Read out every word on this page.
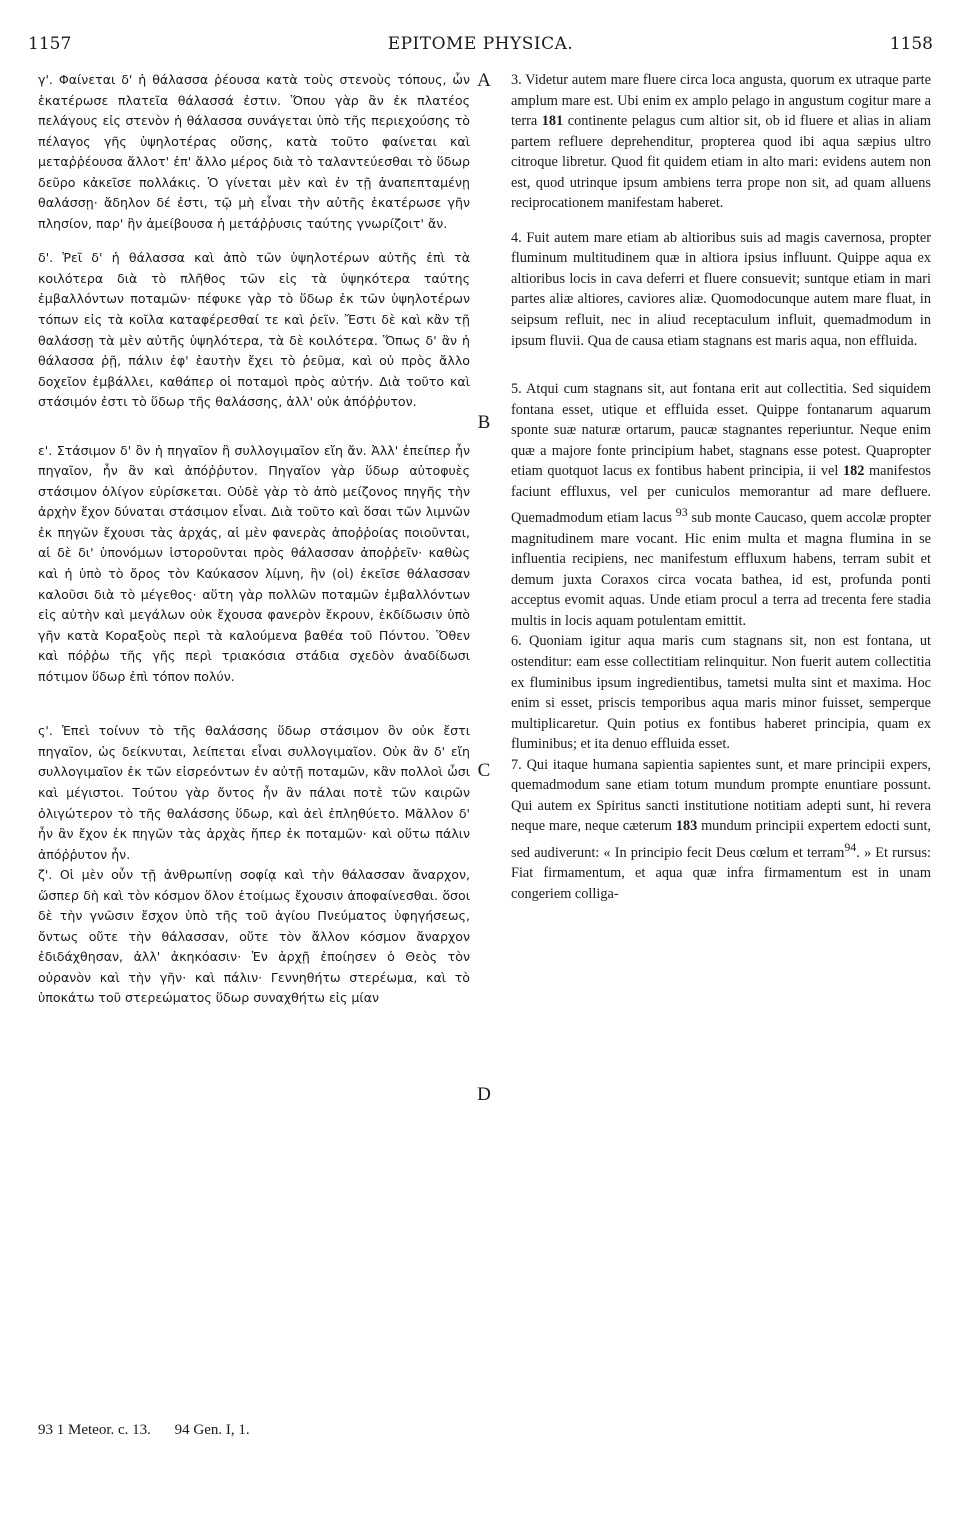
1157	EPITOME PHYSICA.	1158
A
B
C
D

γ'. Φαίνεται δ' ἡ θάλασσα ῥέουσα κατὰ τοὺς στενοὺς τόπους, ὧν ἑκατέρωσε πλατεῖα θάλασσά ἐστιν. Ὅπου γὰρ ἂν ἐκ πλατέος πελάγους εἰς στενὸν ἡ θάλασσα συνάγεται ὑπὸ τῆς περιεχούσης τὸ πέλαγος γῆς ὑψηλοτέρας οὔσης, κατὰ τοῦτο φαίνεται καὶ μεταῤῥέουσα ἄλλοτ' ἐπ' ἄλλο μέρος διὰ τὸ ταλαντεύεσθαι τὸ ὕδωρ δεῦρο κἀκεῖσε πολλάκις. Ὁ γίνεται μὲν καὶ ἐν τῇ ἀναπεπταμένῃ θαλάσσῃ· ἄδηλον δέ ἐστι, τῷ μὴ εἶναι τὴν αὐτῆς ἑκατέρωσε γῆν πλησίον, παρ' ἣν ἀμείβουσα ἡ μετάῤῥυσις ταύτης γνωρίζοιτ' ἄν.

δ'. Ῥεῖ δ' ἡ θάλασσα καὶ ἀπὸ τῶν ὑψηλοτέρων αὐτῆς ἐπὶ τὰ κοιλότερα διὰ τὸ πλῆθος τῶν εἰς τὰ ὑψηκότερα ταύτης ἐμβαλλόντων ποταμῶν· πέφυκε γὰρ τὸ ὕδωρ ἐκ τῶν ὑψηλοτέρων τόπων εἰς τὰ κοῖλα καταφέρεσθαί τε καὶ ῥεῖν. Ἔστι δὲ καὶ κἂν τῇ θαλάσσῃ τὰ μὲν αὐτῆς ὑψηλότερα, τὰ δὲ κοιλότερα. Ὅπως δ' ἂν ἡ θάλασσα ῥῇ, πάλιν ἐφ' ἑαυτὴν ἔχει τὸ ῥεῦμα, καὶ οὐ πρὸς ἄλλο δοχεῖον ἐμβάλλει, καθάπερ οἱ ποταμοὶ πρὸς αὐτήν. Διὰ τοῦτο καὶ στάσιμόν ἐστι τὸ ὕδωρ τῆς θαλάσσης, ἀλλ' οὐκ ἀπόῤῥυτον.

ε'. Στάσιμον δ' ὂν ἡ πηγαῖον ἢ συλλογιμαῖον εἴη ἄν. Ἀλλ' ἐπείπερ ἦν πηγαῖον, ἦν ἂν καὶ ἀπόῤῥυτον. Πηγαῖον γὰρ ὕδωρ αὐτοφυὲς στάσιμον ὀλίγον εὑρίσκεται. Οὐδὲ γὰρ τὸ ἀπὸ μείζονος πηγῆς τὴν ἀρχὴν ἔχον δύναται στάσιμον εἶναι. Διὰ τοῦτο καὶ ὅσαι τῶν λιμνῶν ἐκ πηγῶν ἔχουσι τὰς ἀρχάς, αἱ μὲν φανερὰς ἀποῤῥοίας ποιοῦνται, αἱ δὲ δι' ὑπονόμων ἱστοροῦνται πρὸς θάλασσαν ἀποῤῥεῖν· καθὼς καὶ ἡ ὑπὸ τὸ ὄρος τὸν Καύκασον λίμνη, ἣν (οἱ) ἐκεῖσε θάλασσαν καλοῦσι διὰ τὸ μέγεθος· αὕτη γὰρ πολλῶν ποταμῶν ἐμβαλλόντων εἰς αὐτὴν καὶ μεγάλων οὐκ ἔχουσα φανερὸν ἔκρουν, ἐκδίδωσιν ὑπὸ γῆν κατὰ Κοραξοὺς περὶ τὰ καλούμενα βαθέα τοῦ Πόντου. Ὅθεν καὶ πόῤῥω τῆς γῆς περὶ τριακόσια στάδια σχεδὸν ἀναδίδωσι πότιμον ὕδωρ ἐπὶ τόπον πολύν.

ς'. Ἐπεὶ τοίνυν τὸ τῆς θαλάσσης ὕδωρ στάσιμον ὂν οὐκ ἔστι πηγαῖον, ὡς δείκνυται, λείπεται εἶναι συλλογιμαῖον. Οὐκ ἂν δ' εἴη συλλογιμαῖον ἐκ τῶν εἰσρεόντων ἐν αὐτῇ ποταμῶν, κἂν πολλοὶ ὦσι καὶ μέγιστοι. Τούτου γὰρ ὄντος ἦν ἂν πάλαι ποτὲ τῶν καιρῶν ὀλιγώτερον τὸ τῆς θαλάσσης ὕδωρ, καὶ ἀεὶ ἐπληθύετο. Μᾶλλον δ' ἦν ἂν ἔχον ἐκ πηγῶν τὰς ἀρχὰς ἤπερ ἐκ ποταμῶν· καὶ οὕτω πάλιν ἀπόῤῥυτον ἦν.

ζ'. Οἱ μὲν οὖν τῇ ἀνθρωπίνῃ σοφίᾳ καὶ τὴν θάλασσαν ἄναρχον, ὥσπερ δὴ καὶ τὸν κόσμον ὅλον ἑτοίμως ἔχουσιν ἀποφαίνεσθαι. ὅσοι δὲ τὴν γνῶσιν ἔσχον ὑπὸ τῆς τοῦ ἁγίου Πνεύματος ὑφηγήσεως, ὄντως οὔτε τὴν θάλασσαν, οὔτε τὸν ἄλλον κόσμον ἄναρχον ἐδιδάχθησαν, ἀλλ' ἀκηκόασιν· Ἐν ἀρχῇ ἐποίησεν ὁ Θεὸς τὸν οὐρανὸν καὶ τὴν γῆν· καὶ πάλιν· Γεννηθήτω στερέωμα, καὶ τὸ ὑποκάτω τοῦ στερεώματος ὕδωρ συναχθήτω εἰς μίαν

3. Videtur autem mare fluere circa loca angusta, quorum ex utraque parte amplum mare est. Ubi enim ex amplo pelago in angustum cogitur mare a terra 181 continente pelagus cum altior sit, ob id fluere et alias in aliam partem refluere deprehenditur, propterea quod ibi aqua sæpius ultro citroque libretur. Quod fit quidem etiam in alto mari: evidens autem non est, quod utrinque ipsum ambiens terra prope non sit, ad quam alluens reciprocationem manifestam haberet.

4. Fuit autem mare etiam ab altioribus suis ad magis cavernosa, propter fluminum multitudinem quæ in altiora ipsius influunt. Quippe aqua ex altioribus locis in cava deferri et fluere consuevit; suntque etiam in mari partes aliæ altiores, caviores aliæ. Quomodocunque autem mare fluat, in seipsum refluit, nec in aliud receptaculum influit, quemadmodum in ipsum fluvii. Qua de causa etiam stagnans est maris aqua, non effluida.

5. Atqui cum stagnans sit, aut fontana erit aut collectitia. Sed siquidem fontana esset, utique et effluida esset. Quippe fontanarum aquarum sponte suæ naturæ ortarum, paucæ stagnantes reperiuntur. Neque enim quæ a majore fonte principium habet, stagnans esse potest. Quapropter etiam quotquot lacus ex fontibus habent principia, ii vel 182 manifestos faciunt effluxus, vel per cuniculos memorantur ad mare defluere. Quemadmodum etiam lacus $^{93}$ sub monte Caucaso, quem accolæ propter magnitudinem mare vocant. Hic enim multa et magna flumina in se influentia recipiens, nec manifestum effluxum habens, terram subit et demum juxta Coraxos circa vocata bathea, id est, profunda ponti acceptus evomit aquas. Unde etiam procul a terra ad trecenta fere stadia multis in locis aquam potulentam emittit.

6. Quoniam igitur aqua maris cum stagnans sit, non est fontana, ut ostenditur: eam esse collectitiam relinquitur. Non fuerit autem collectitia ex fluminibus ipsum ingredientibus, tametsi multa sint et maxima. Hoc enim si esset, priscis temporibus aqua maris minor fuisset, semperque multiplicaretur. Quin potius ex fontibus haberet principia, quam ex fluminibus; et ita denuo effluida esset.

7. Qui itaque humana sapientia sapientes sunt, et mare principii expers, quemadmodum sane etiam totum mundum prompte enuntiare possunt. Qui autem ex Spiritus sancti institutione notitiam adepti sunt, hi revera neque mare, neque cæterum 183 mundum principii expertem edocti sunt, sed audiverunt: « In principio fecit Deus cœlum et terram$^{94}$. » Et rursus: Fiat firmamentum, et aqua quæ infra firmamentum est in unam congeriem colliga-

93 1 Meteor. c. 13. 94 Gen. I, 1.
